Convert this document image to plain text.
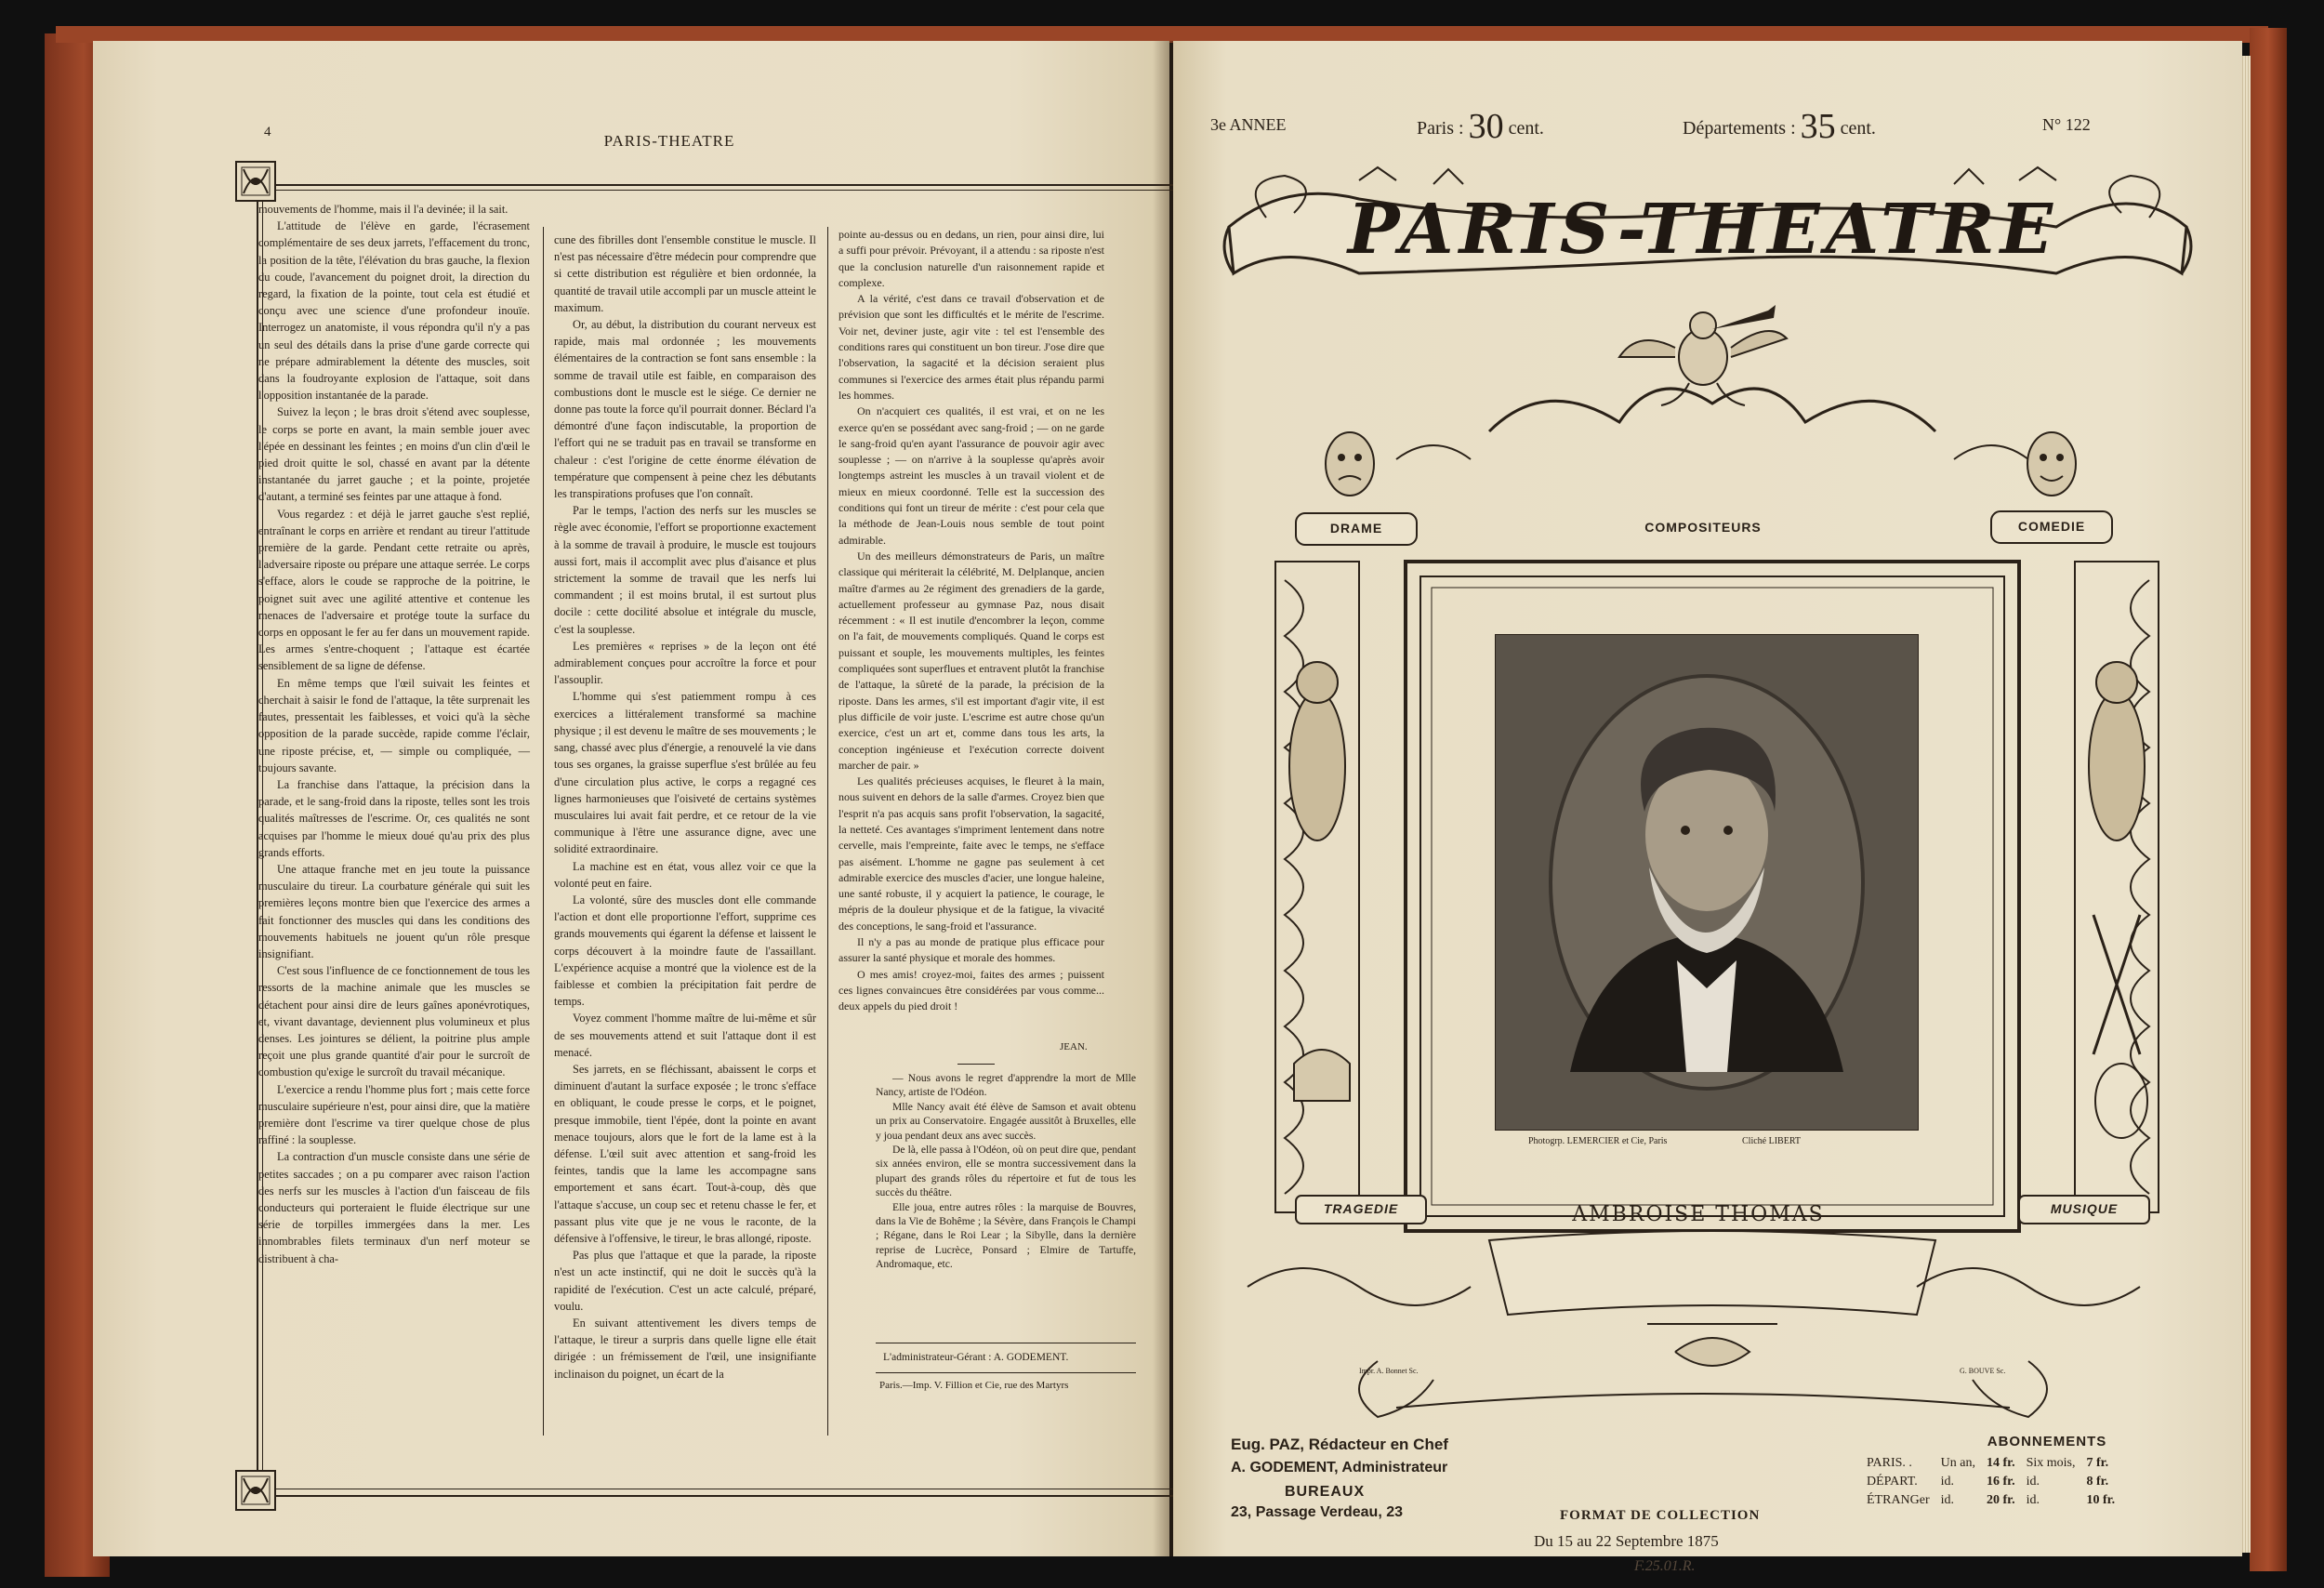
4	PARIS-THEATRE

mouvements de l'homme, mais il l'a devinée; il la sait.

L'attitude de l'élève en garde, l'écrasement complémentaire de ses deux jarrets, l'effacement du tronc, la position de la tête, l'élévation du bras gauche, la flexion du coude, l'avancement du poignet droit, la direction du regard, la fixation de la pointe, tout cela est étudié et conçu avec une science d'une profondeur inouïe. Interrogez un anatomiste, il vous répondra qu'il n'y a pas un seul des détails dans la prise d'une garde correcte qui ne prépare admirablement la détente des muscles, soit dans la foudroyante explosion de l'attaque, soit dans l'opposition instantanée de la parade.

Suivez la leçon ; le bras droit s'étend avec souplesse, le corps se porte en avant, la main semble jouer avec l'épée en dessinant les feintes ; en moins d'un clin d'œil le pied droit quitte le sol, chassé en avant par la détente instantanée du jarret gauche ; et la pointe, projetée d'autant, a terminé ses feintes par une attaque à fond.

Vous regardez : et déjà le jarret gauche s'est replié, entraînant le corps en arrière et rendant au tireur l'attitude première de la garde. Pendant cette retraite ou après, l'adversaire riposte ou prépare une attaque serrée. Le corps s'efface, alors le coude se rapproche de la poitrine, le poignet suit avec une agilité attentive et contenue les menaces de l'adversaire et protége toute la surface du corps en opposant le fer au fer dans un mouvement rapide. Les armes s'entre-choquent ; l'attaque est écartée sensiblement de sa ligne de défense.

En même temps que l'œil suivait les feintes et cherchait à saisir le fond de l'attaque, la tête surprenait les fautes, pressentait les faiblesses, et voici qu'à la sèche opposition de la parade succède, rapide comme l'éclair, une riposte précise, et, — simple ou compliquée, — toujours savante.

La franchise dans l'attaque, la précision dans la parade, et le sang-froid dans la riposte, telles sont les trois qualités maîtresses de l'escrime. Or, ces qualités ne sont acquises par l'homme le mieux doué qu'au prix des plus grands efforts.

Une attaque franche met en jeu toute la puissance musculaire du tireur. La courbature générale qui suit les premières leçons montre bien que l'exercice des armes a fait fonctionner des muscles qui dans les conditions des mouvements habituels ne jouent qu'un rôle presque insignifiant.

C'est sous l'influence de ce fonctionnement de tous les ressorts de la machine animale que les muscles se détachent pour ainsi dire de leurs gaînes aponévrotiques, et, vivant davantage, deviennent plus volumineux et plus denses. Les jointures se délient, la poitrine plus ample reçoit une plus grande quantité d'air pour le surcroît de combustion qu'exige le surcroît du travail mécanique.

L'exercice a rendu l'homme plus fort ; mais cette force musculaire supérieure n'est, pour ainsi dire, que la matière première dont l'escrime va tirer quelque chose de plus raffiné : la souplesse.

La contraction d'un muscle consiste dans une série de petites saccades ; on a pu comparer avec raison l'action des nerfs sur les muscles à l'action d'un faisceau de fils conducteurs qui porteraient le fluide électrique sur une série de torpilles immergées dans la mer. Les innombrables filets terminaux d'un nerf moteur se distribuent à cha-

cune des fibrilles dont l'ensemble constitue le muscle. Il n'est pas nécessaire d'être médecin pour comprendre que si cette distribution est régulière et bien ordonnée, la quantité de travail utile accompli par un muscle atteint le maximum.

Or, au début, la distribution du courant nerveux est rapide, mais mal ordonnée ; les mouvements élémentaires de la contraction se font sans ensemble : la somme de travail utile est faible, en comparaison des combustions dont le muscle est le siége. Ce dernier ne donne pas toute la force qu'il pourrait donner. Béclard l'a démontré d'une façon indiscutable, la proportion de l'effort qui ne se traduit pas en travail se transforme en chaleur : c'est l'origine de cette énorme élévation de température que compensent à peine chez les débutants les transpirations profuses que l'on connaît.

Par le temps, l'action des nerfs sur les muscles se règle avec économie, l'effort se proportionne exactement à la somme de travail à produire, le muscle est toujours aussi fort, mais il accomplit avec plus d'aisance et plus strictement la somme de travail que les nerfs lui commandent ; il est moins brutal, il est surtout plus docile : cette docilité absolue et intégrale du muscle, c'est la souplesse.

Les premières « reprises » de la leçon ont été admirablement conçues pour accroître la force et pour l'assouplir.

L'homme qui s'est patiemment rompu à ces exercices a littéralement transformé sa machine physique ; il est devenu le maître de ses mouvements ; le sang, chassé avec plus d'énergie, a renouvelé la vie dans tous ses organes, la graisse superflue s'est brûlée au feu d'une circulation plus active, le corps a regagné ces lignes harmonieuses que l'oisiveté de certains systèmes musculaires lui avait fait perdre, et ce retour de la vie communique à l'être une assurance digne, avec une solidité extraordinaire.

La machine est en état, vous allez voir ce que la volonté peut en faire.

La volonté, sûre des muscles dont elle commande l'action et dont elle proportionne l'effort, supprime ces grands mouvements qui égarent la défense et laissent le corps découvert à la moindre faute de l'assaillant. L'expérience acquise a montré que la violence est de la faiblesse et combien la précipitation fait perdre de temps.

Voyez comment l'homme maître de lui-même et sûr de ses mouvements attend et suit l'attaque dont il est menacé.

Ses jarrets, en se fléchissant, abaissent le corps et diminuent d'autant la surface exposée ; le tronc s'efface en obliquant, le coude presse le corps, et le poignet, presque immobile, tient l'épée, dont la pointe en avant menace toujours, alors que le fort de la lame est à la défense. L'œil suit avec attention et sang-froid les feintes, tandis que la lame les accompagne sans emportement et sans écart. Tout-à-coup, dès que l'attaque s'accuse, un coup sec et retenu chasse le fer, et passant plus vite que je ne vous le raconte, de la défensive à l'offensive, le tireur, le bras allongé, riposte.

Pas plus que l'attaque et que la parade, la riposte n'est un acte instinctif, qui ne doit le succès qu'à la rapidité de l'exécution. C'est un acte calculé, préparé, voulu.

En suivant attentivement les divers temps de l'attaque, le tireur a surpris dans quelle ligne elle était dirigée : un frémissement de l'œil, une insignifiante inclinaison du poignet, un écart de la

pointe au-dessus ou en dedans, un rien, pour ainsi dire, lui a suffi pour prévoir. Prévoyant, il a attendu : sa riposte n'est que la conclusion naturelle d'un raisonnement rapide et complexe.

A la vérité, c'est dans ce travail d'observation et de prévision que sont les difficultés et le mérite de l'escrime. Voir net, deviner juste, agir vite : tel est l'ensemble des conditions rares qui constituent un bon tireur. J'ose dire que l'observation, la sagacité et la décision seraient plus communes si l'exercice des armes était plus répandu parmi les hommes.

On n'acquiert ces qualités, il est vrai, et on ne les exerce qu'en se possédant avec sang-froid ; — on ne garde le sang-froid qu'en ayant l'assurance de pouvoir agir avec souplesse ; — on n'arrive à la souplesse qu'après avoir longtemps astreint les muscles à un travail violent et de mieux en mieux coordonné. Telle est la succession des conditions qui font un tireur de mérite : c'est pour cela que la méthode de Jean-Louis nous semble de tout point admirable.

Un des meilleurs démonstrateurs de Paris, un maître classique qui mériterait la célébrité, M. Delplanque, ancien maître d'armes au 2e régiment des grenadiers de la garde, actuellement professeur au gymnase Paz, nous disait récemment : « Il est inutile d'encombrer la leçon, comme on l'a fait, de mouvements compliqués. Quand le corps est puissant et souple, les mouvements multiples, les feintes compliquées sont superflues et entravent plutôt la franchise de l'attaque, la sûreté de la parade, la précision de la riposte. Dans les armes, s'il est important d'agir vite, il est plus difficile de voir juste. L'escrime est autre chose qu'un exercice, c'est un art et, comme dans tous les arts, la conception ingénieuse et l'exécution correcte doivent marcher de pair. »

Les qualités précieuses acquises, le fleuret à la main, nous suivent en dehors de la salle d'armes. Croyez bien que l'esprit n'a pas acquis sans profit l'observation, la sagacité, la netteté. Ces avantages s'impriment lentement dans notre cervelle, mais l'empreinte, faite avec le temps, ne s'efface pas aisément. L'homme ne gagne pas seulement à cet admirable exercice des muscles d'acier, une longue haleine, une santé robuste, il y acquiert la patience, le courage, le mépris de la douleur physique et de la fatigue, la vivacité des conceptions, le sang-froid et l'assurance.

Il n'y a pas au monde de pratique plus efficace pour assurer la santé physique et morale des hommes.

O mes amis! croyez-moi, faites des armes ; puissent ces lignes convaincues être considérées par vous comme... deux appels du pied droit !

JEAN.

— Nous avons le regret d'apprendre la mort de Mlle Nancy, artiste de l'Odéon.

Mlle Nancy avait été élève de Samson et avait obtenu un prix au Conservatoire. Engagée aussitôt à Bruxelles, elle y joua pendant deux ans avec succès.

De là, elle passa à l'Odéon, où on peut dire que, pendant six années environ, elle se montra successivement dans la plupart des grands rôles du répertoire et fut de tous les succès du théâtre.

Elle joua, entre autres rôles : la marquise de Bouvres, dans la Vie de Bohême ; la Sévère, dans François le Champi ; Régane, dans le Roi Lear ; la Sibylle, dans la dernière reprise de Lucrèce, Ponsard ; Elmire de Tartuffe, Andromaque, etc.

L'administrateur-Gérant : A. GODEMENT.
Paris.—Imp. V. Fillion et Cie, rue des Martyrs
3e ANNEE	Paris : 30 cent.	Départements : 35 cent.	N° 122
PARIS-THEATRE
DRAME	COMPOSITEURS	COMEDIE
TRAGEDIE	MUSIQUE
Photogrp. LEMERCIER et Cie, Paris	Cliché LIBERT
AMBROISE THOMAS
Impr. A. Bonnet Sc.	G. BOUVE Sc.
Eug. PAZ, Rédacteur en Chef
A. GODEMENT, Administrateur
BUREAUX
23, Passage Verdeau, 23	FORMAT DE COLLECTION
Du 15 au 22 Septembre 1875
F.25.01.R.
ABONNEMENTS
PARIS. .	Un an,	14 fr.	Six mois,	7 fr.
DÉPART.	id.	16 fr.	id.	8 fr.
ÉTRANGer	id.	20 fr.	id.	10 fr.
